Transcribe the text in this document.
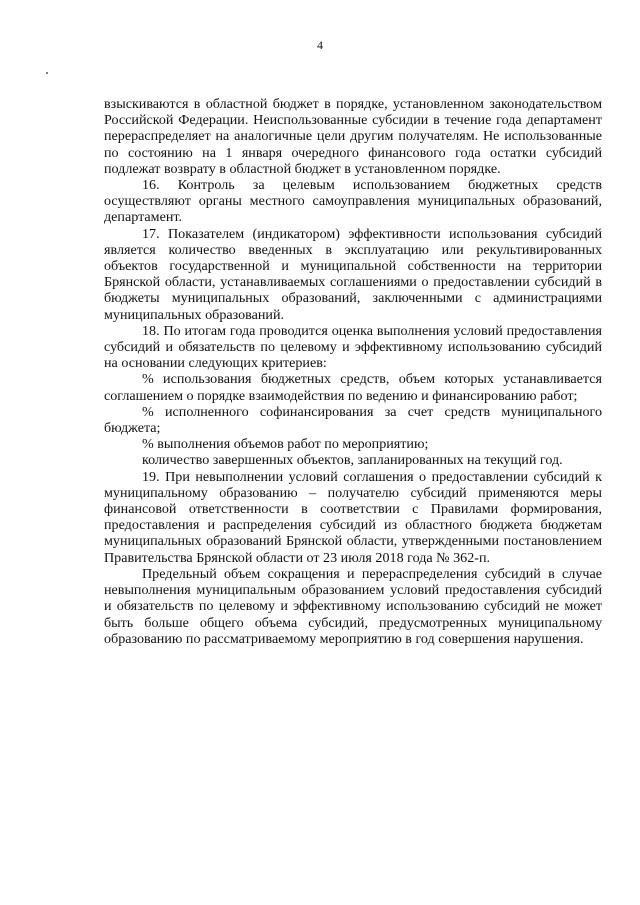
4

взыскиваются в областной бюджет в порядке, установленном законодательством Российской Федерации. Неиспользованные субсидии в течение года департамент перераспределяет на аналогичные цели другим получателям. Не использованные по состоянию на 1 января очередного финансового года остатки субсидий подлежат возврату в областной бюджет в установленном порядке.

16. Контроль за целевым использованием бюджетных средств осуществляют органы местного самоуправления муниципальных образований, департамент.

17. Показателем (индикатором) эффективности использования субсидий является количество введенных в эксплуатацию или рекультивированных объектов государственной и муниципальной собственности на территории Брянской области, устанавливаемых соглашениями о предоставлении субсидий в бюджеты муниципальных образований, заключенными с администрациями муниципальных образований.

18. По итогам года проводится оценка выполнения условий предоставления субсидий и обязательств по целевому и эффективному использованию субсидий на основании следующих критериев:

% использования бюджетных средств, объем которых устанавливается соглашением о порядке взаимодействия по ведению и финансированию работ;

% исполненного софинансирования за счет средств муниципального бюджета;

% выполнения объемов работ по мероприятию;

количество завершенных объектов, запланированных на текущий год.

19. При невыполнении условий соглашения о предоставлении субсидий к муниципальному образованию – получателю субсидий применяются меры финансовой ответственности в соответствии с Правилами формирования, предоставления и распределения субсидий из областного бюджета бюджетам муниципальных образований Брянской области, утвержденными постановлением Правительства Брянской области от 23 июля 2018 года № 362-п.

Предельный объем сокращения и перераспределения субсидий в случае невыполнения муниципальным образованием условий предоставления субсидий и обязательств по целевому и эффективному использованию субсидий не может быть больше общего объема субсидий, предусмотренных муниципальному образованию по рассматриваемому мероприятию в год совершения нарушения.
